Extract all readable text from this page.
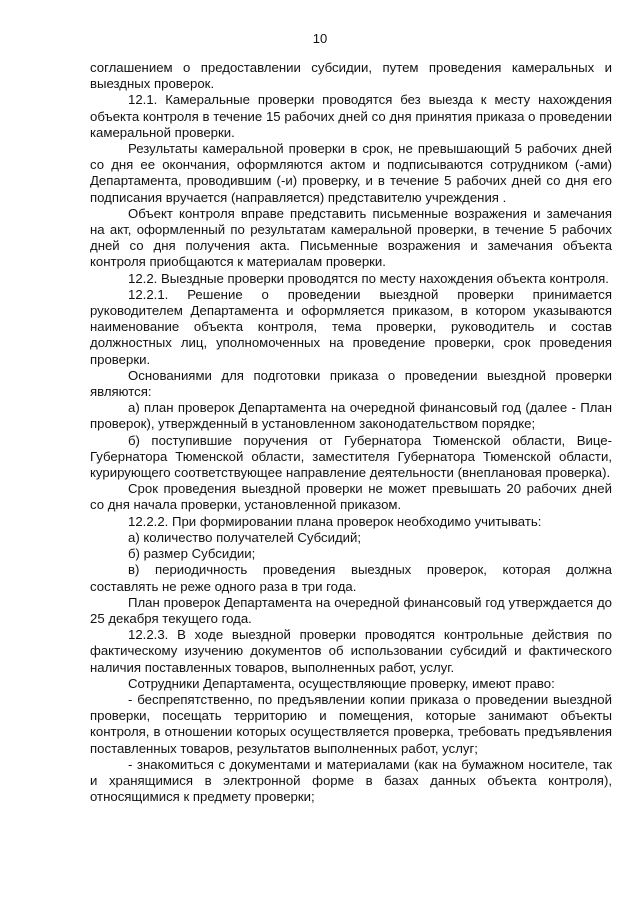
10

соглашением о предоставлении субсидии, путем проведения камеральных и выездных проверок.

12.1. Камеральные проверки проводятся без выезда к месту нахождения объекта контроля в течение 15 рабочих дней со дня принятия приказа о проведении камеральной проверки.

Результаты камеральной проверки в срок, не превышающий 5 рабочих дней со дня ее окончания, оформляются актом и подписываются сотрудником (-ами) Департамента, проводившим (-и) проверку, и в течение 5 рабочих дней со дня его подписания вручается (направляется) представителю учреждения .

Объект контроля вправе представить письменные возражения и замечания на акт, оформленный по результатам камеральной проверки, в течение 5 рабочих дней со дня получения акта. Письменные возражения и замечания объекта контроля приобщаются к материалам проверки.

12.2. Выездные проверки проводятся по месту нахождения объекта контроля.

12.2.1. Решение о проведении выездной проверки принимается руководителем Департамента и оформляется приказом, в котором указываются наименование объекта контроля, тема проверки, руководитель и состав должностных лиц, уполномоченных на проведение проверки, срок проведения проверки.

Основаниями для подготовки приказа о проведении выездной проверки являются:

а) план проверок Департамента на очередной финансовый год (далее - План проверок), утвержденный в установленном законодательством порядке;

б) поступившие поручения от Губернатора Тюменской области, Вице-Губернатора Тюменской области, заместителя Губернатора Тюменской области, курирующего соответствующее направление деятельности (внеплановая проверка).

Срок проведения выездной проверки не может превышать 20 рабочих дней со дня начала проверки, установленной приказом.

12.2.2. При формировании плана проверок необходимо учитывать:

а) количество получателей Субсидий;

б) размер Субсидии;

в) периодичность проведения выездных проверок, которая должна составлять не реже одного раза в три года.

План проверок Департамента на очередной финансовый год утверждается до 25 декабря текущего года.

12.2.3. В ходе выездной проверки проводятся контрольные действия по фактическому изучению документов об использовании субсидий и фактического наличия поставленных товаров, выполненных работ, услуг.

Сотрудники Департамента, осуществляющие проверку, имеют право:

- беспрепятственно, по предъявлении копии приказа о проведении выездной проверки, посещать территорию и помещения, которые занимают объекты контроля, в отношении которых осуществляется проверка, требовать предъявления поставленных товаров, результатов выполненных работ, услуг;

- знакомиться с документами и материалами (как на бумажном носителе, так и хранящимися в электронной форме в базах данных объекта контроля), относящимися к предмету проверки;
